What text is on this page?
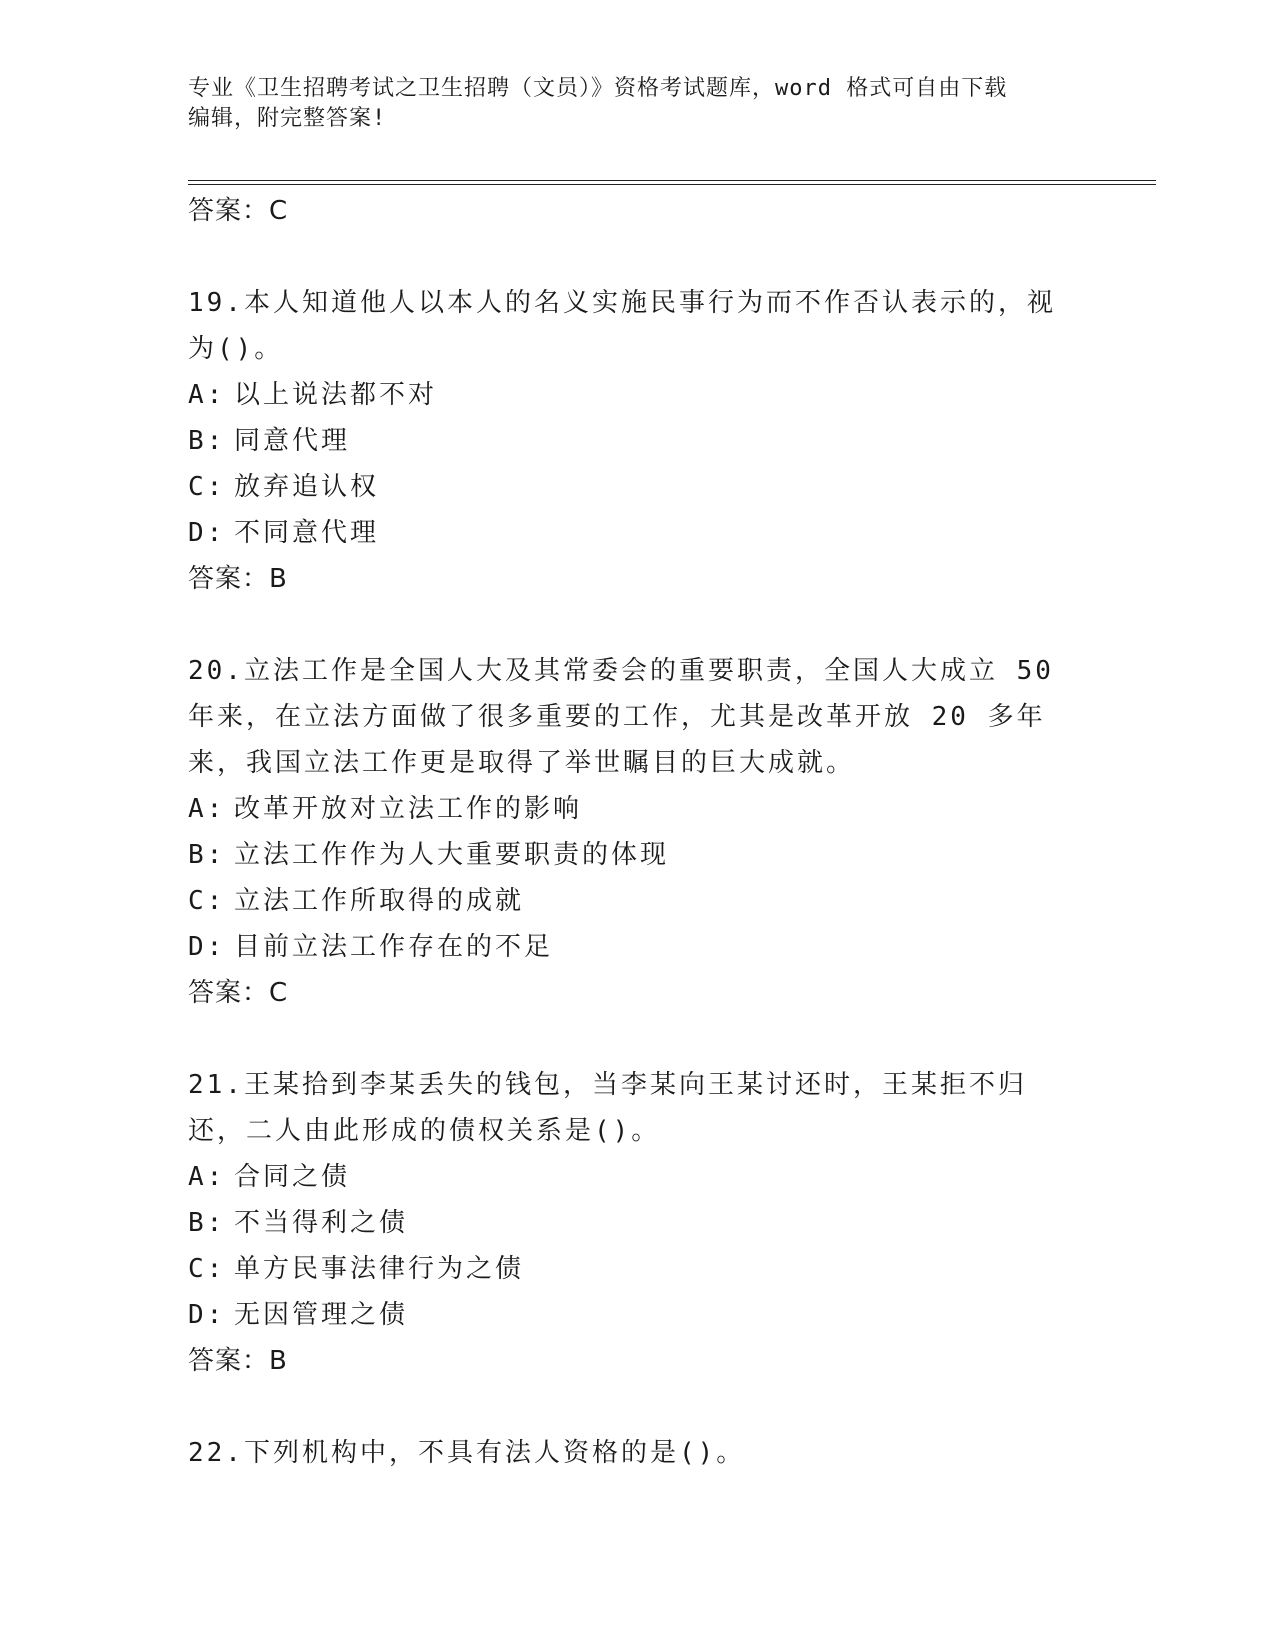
专业《卫生招聘考试之卫生招聘（文员）》资格考试题库，word 格式可自由下载
编辑，附完整答案!
答案：C
19.本人知道他人以本人的名义实施民事行为而不作否认表示的，视为()。
A: 以上说法都不对
B: 同意代理
C: 放弃追认权
D: 不同意代理
答案：B
20.立法工作是全国人大及其常委会的重要职责，全国人大成立 50 年来，在立法方面做了很多重要的工作，尤其是改革开放 20 多年来，我国立法工作更是取得了举世瞩目的巨大成就。
A: 改革开放对立法工作的影响
B: 立法工作作为人大重要职责的体现
C: 立法工作所取得的成就
D: 目前立法工作存在的不足
答案：C
21.王某拾到李某丢失的钱包，当李某向王某讨还时，王某拒不归还，二人由此形成的债权关系是()。
A: 合同之债
B: 不当得利之债
C: 单方民事法律行为之债
D: 无因管理之债
答案：B
22.下列机构中，不具有法人资格的是()。
